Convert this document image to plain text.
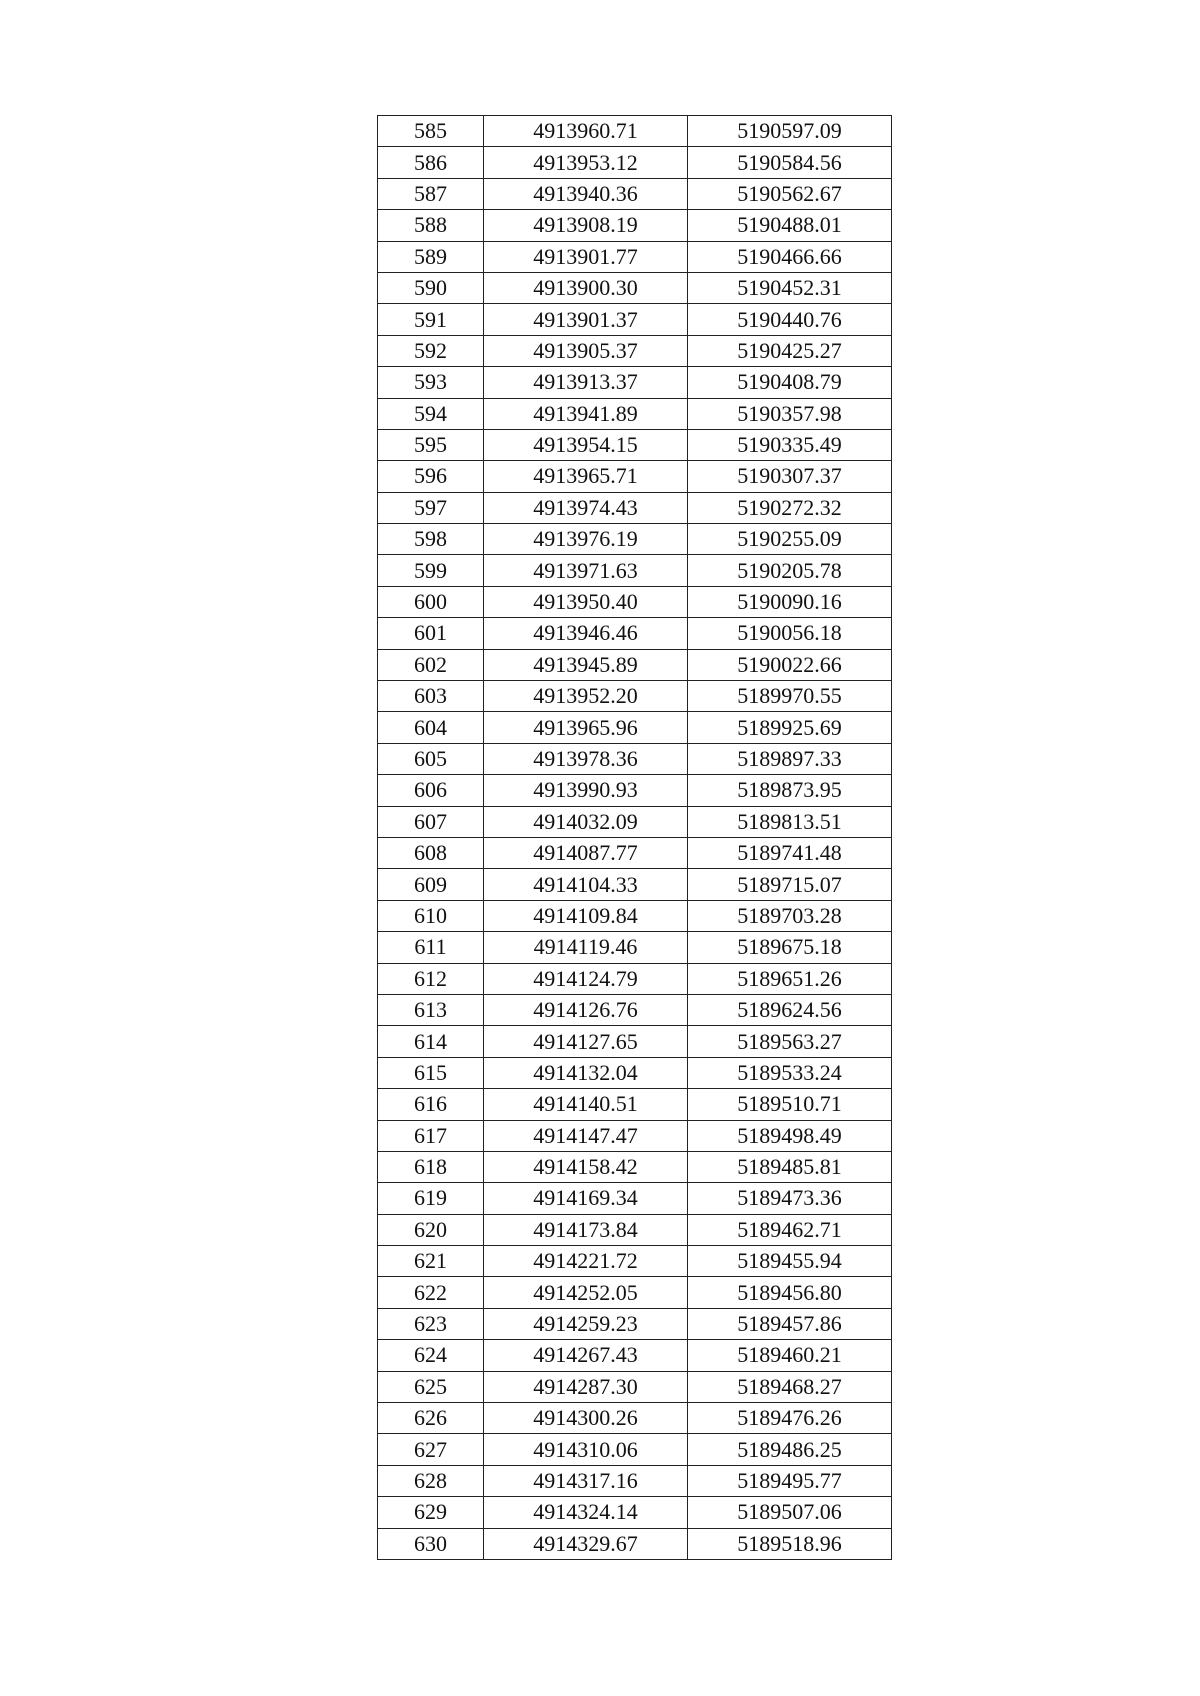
585	4913960.71	5190597.09
586	4913953.12	5190584.56
587	4913940.36	5190562.67
588	4913908.19	5190488.01
589	4913901.77	5190466.66
590	4913900.30	5190452.31
591	4913901.37	5190440.76
592	4913905.37	5190425.27
593	4913913.37	5190408.79
594	4913941.89	5190357.98
595	4913954.15	5190335.49
596	4913965.71	5190307.37
597	4913974.43	5190272.32
598	4913976.19	5190255.09
599	4913971.63	5190205.78
600	4913950.40	5190090.16
601	4913946.46	5190056.18
602	4913945.89	5190022.66
603	4913952.20	5189970.55
604	4913965.96	5189925.69
605	4913978.36	5189897.33
606	4913990.93	5189873.95
607	4914032.09	5189813.51
608	4914087.77	5189741.48
609	4914104.33	5189715.07
610	4914109.84	5189703.28
611	4914119.46	5189675.18
612	4914124.79	5189651.26
613	4914126.76	5189624.56
614	4914127.65	5189563.27
615	4914132.04	5189533.24
616	4914140.51	5189510.71
617	4914147.47	5189498.49
618	4914158.42	5189485.81
619	4914169.34	5189473.36
620	4914173.84	5189462.71
621	4914221.72	5189455.94
622	4914252.05	5189456.80
623	4914259.23	5189457.86
624	4914267.43	5189460.21
625	4914287.30	5189468.27
626	4914300.26	5189476.26
627	4914310.06	5189486.25
628	4914317.16	5189495.77
629	4914324.14	5189507.06
630	4914329.67	5189518.96
